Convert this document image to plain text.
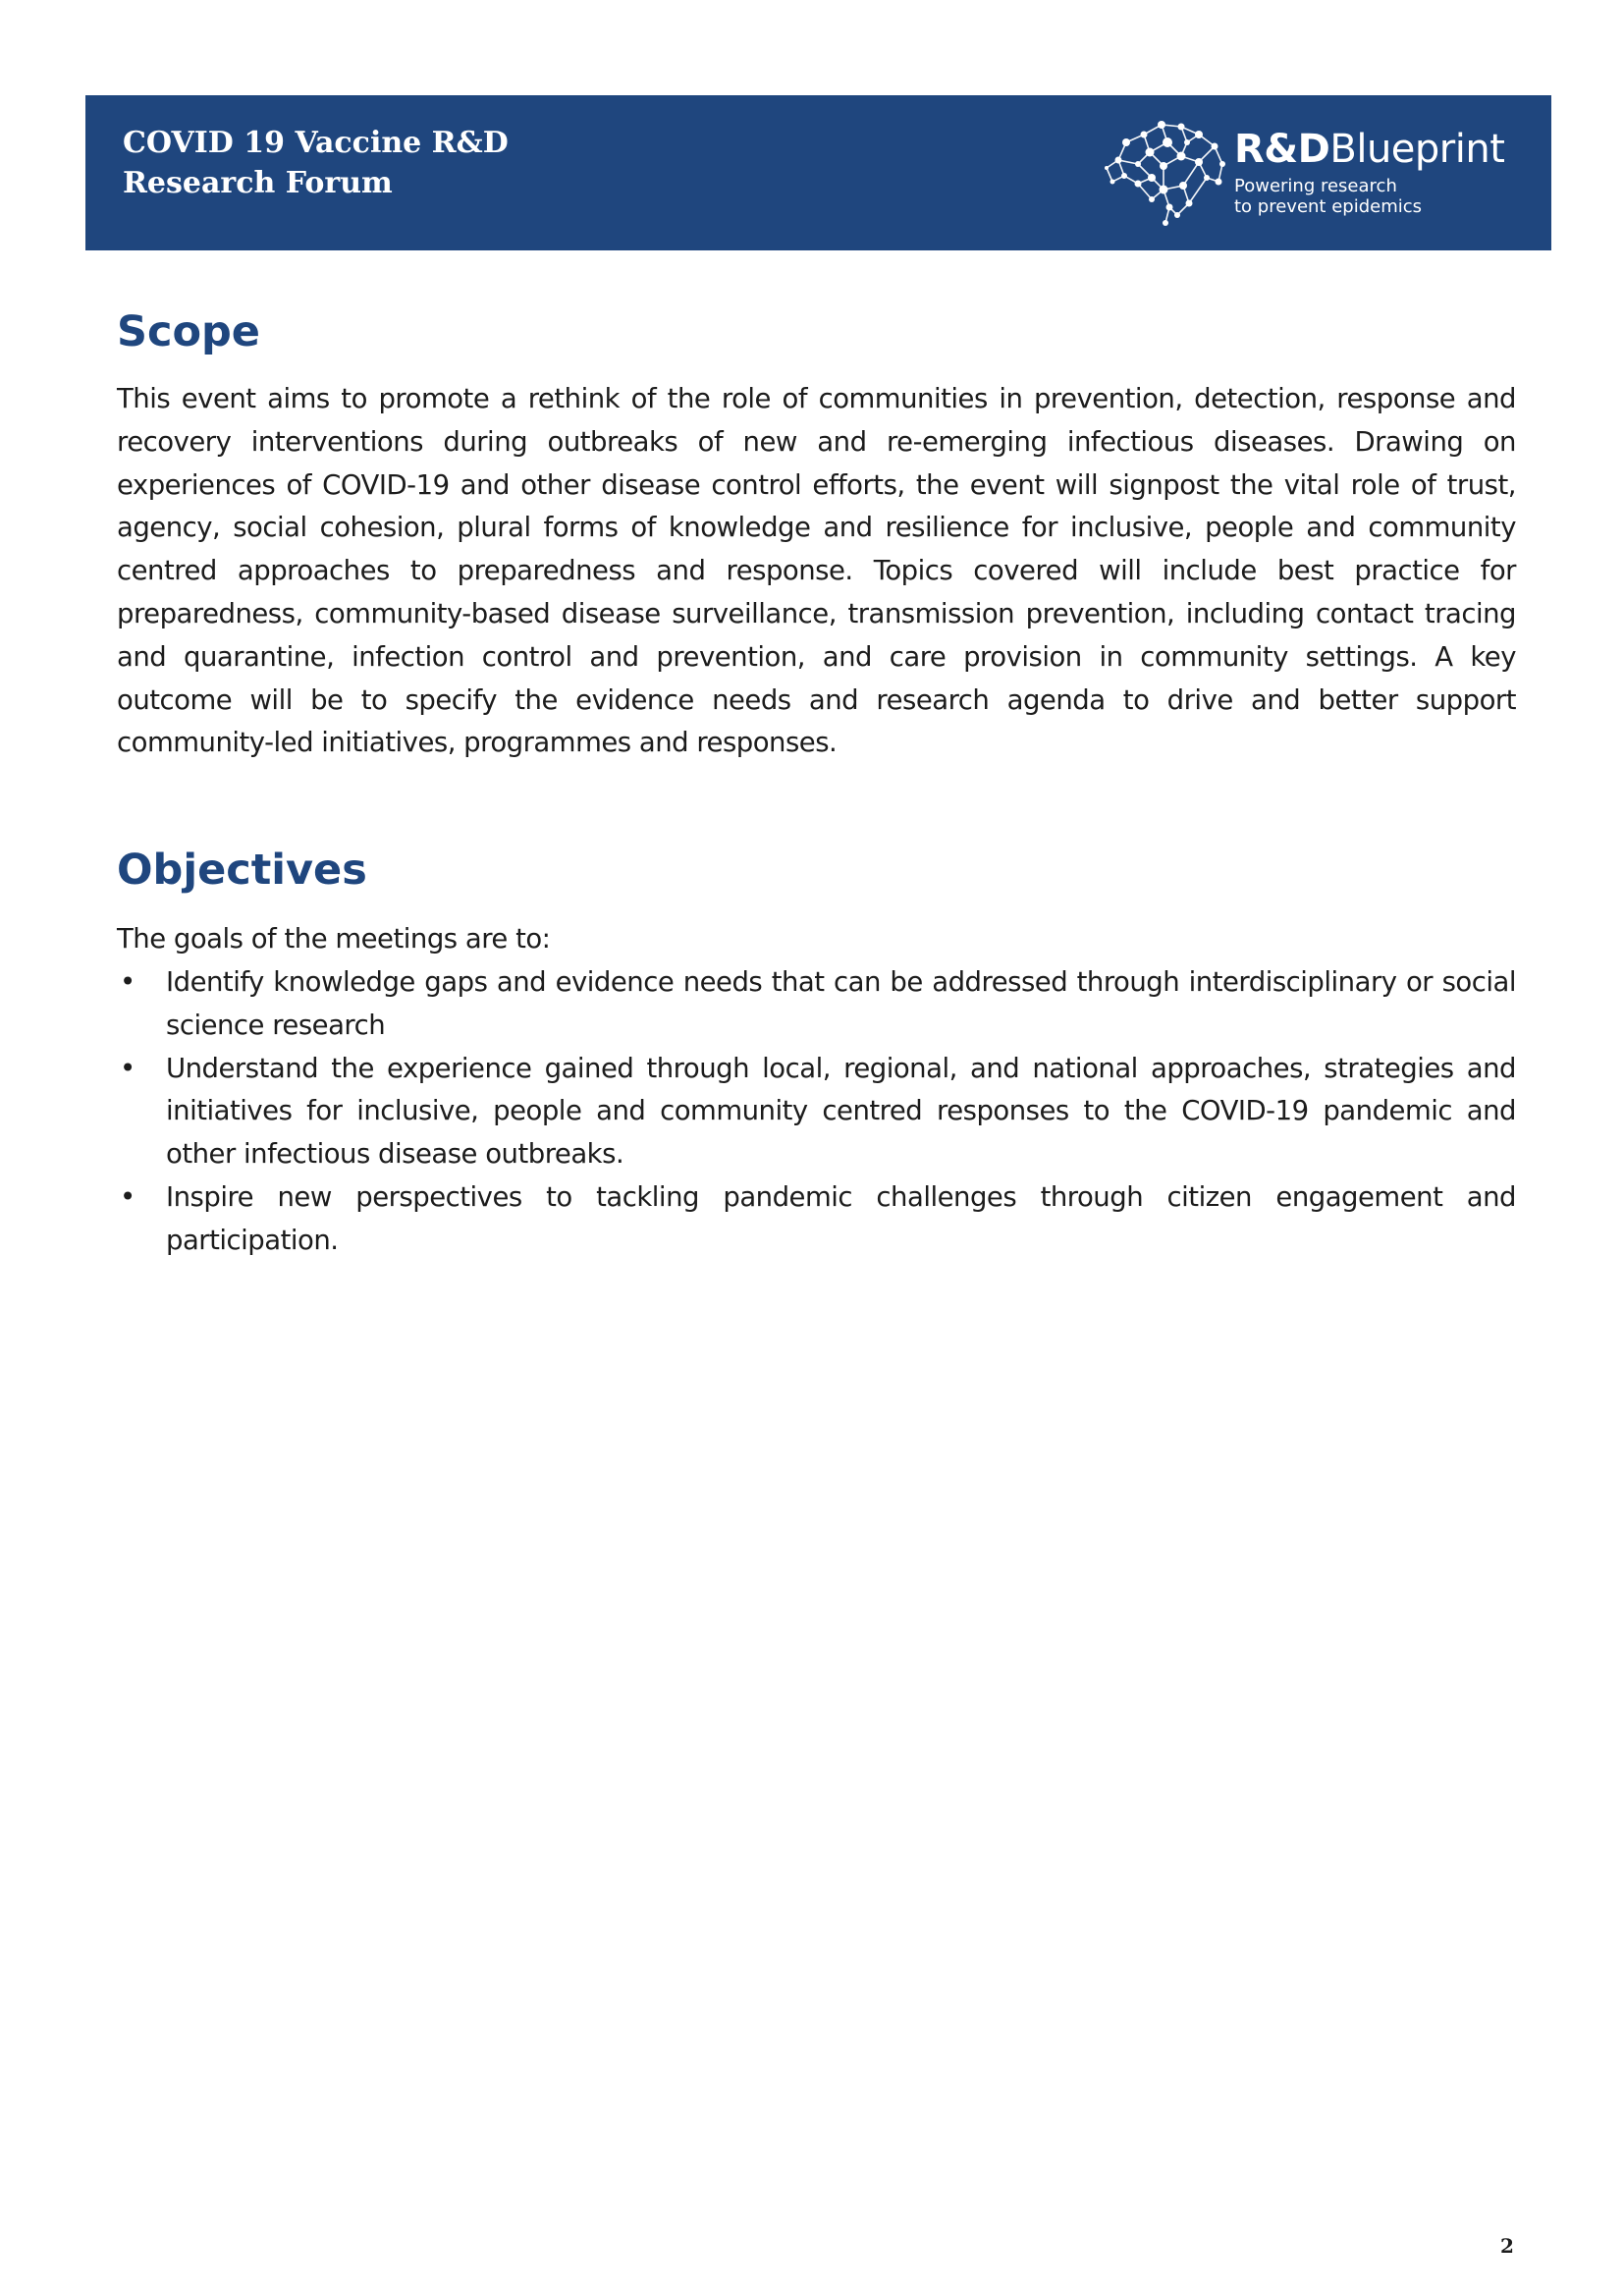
COVID 19 Vaccine R&D
Research Forum
R&DBlueprint
Powering research
to prevent epidemics
Scope

This event aims to promote a rethink of the role of communities in prevention, detection, response and recovery interventions during outbreaks of new and re-emerging infectious diseases. Drawing on experiences of COVID-19 and other disease control efforts, the event will signpost the vital role of trust, agency, social cohesion, plural forms of knowledge and resilience for inclusive, people and community centred approaches to preparedness and response. Topics covered will include best practice for preparedness, community-based disease surveillance, transmission prevention, including contact tracing and quarantine, infection control and prevention, and care provision in community settings. A key outcome will be to specify the evidence needs and research agenda to drive and better support community-led initiatives, programmes and responses.

Objectives

The goals of the meetings are to:

• Identify knowledge gaps and evidence needs that can be addressed through interdisciplinary or social science research
• Understand the experience gained through local, regional, and national approaches, strategies and initiatives for inclusive, people and community centred responses to the COVID-19 pandemic and other infectious disease outbreaks.
• Inspire new perspectives to tackling pandemic challenges through citizen engagement and participation.
2
